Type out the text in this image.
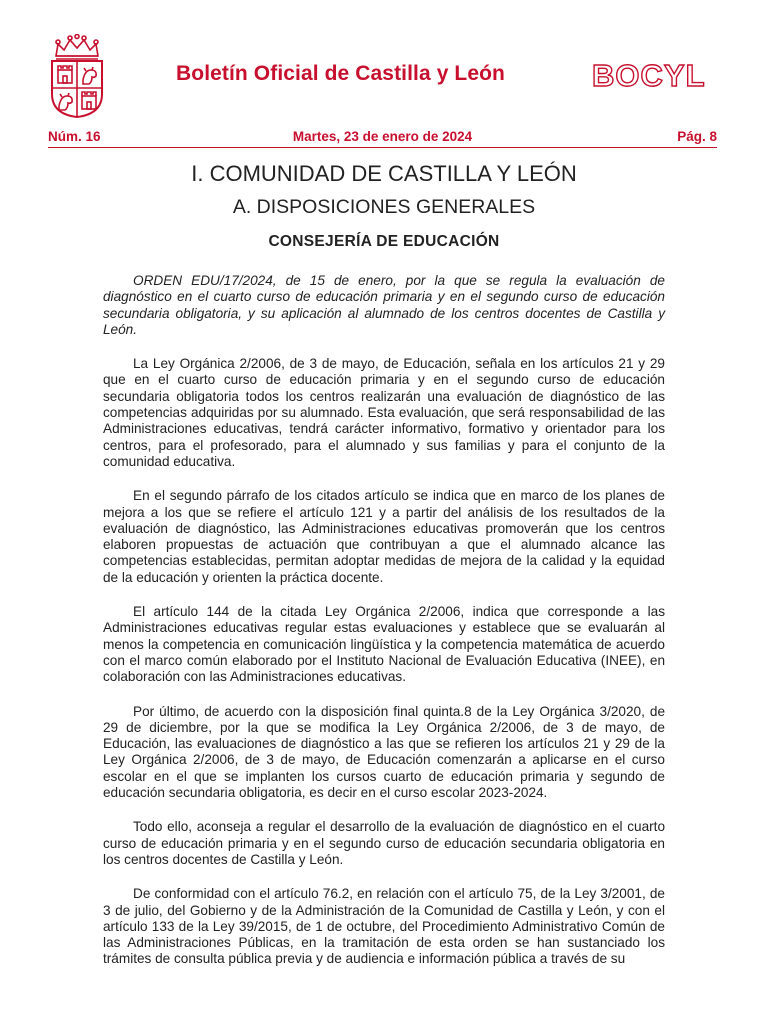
Boletín Oficial de Castilla y León	BOCYL
Martes, 23 de enero de 2024
Núm. 16	Pág. 8
I. COMUNIDAD DE CASTILLA Y LEÓN
A. DISPOSICIONES GENERALES
CONSEJERÍA DE EDUCACIÓN

ORDEN EDU/17/2024, de 15 de enero, por la que se regula la evaluación de diagnóstico en el cuarto curso de educación primaria y en el segundo curso de educación secundaria obligatoria, y su aplicación al alumnado de los centros docentes de Castilla y León.

La Ley Orgánica 2/2006, de 3 de mayo, de Educación, señala en los artículos 21 y 29 que en el cuarto curso de educación primaria y en el segundo curso de educación secundaria obligatoria todos los centros realizarán una evaluación de diagnóstico de las competencias adquiridas por su alumnado. Esta evaluación, que será responsabilidad de las Administraciones educativas, tendrá carácter informativo, formativo y orientador para los centros, para el profesorado, para el alumnado y sus familias y para el conjunto de la comunidad educativa.

En el segundo párrafo de los citados artículo se indica que en marco de los planes de mejora a los que se refiere el artículo 121 y a partir del análisis de los resultados de la evaluación de diagnóstico, las Administraciones educativas promoverán que los centros elaboren propuestas de actuación que contribuyan a que el alumnado alcance las competencias establecidas, permitan adoptar medidas de mejora de la calidad y la equidad de la educación y orienten la práctica docente.

El artículo 144 de la citada Ley Orgánica 2/2006, indica que corresponde a las Administraciones educativas regular estas evaluaciones y establece que se evaluarán al menos la competencia en comunicación lingüística y la competencia matemática de acuerdo con el marco común elaborado por el Instituto Nacional de Evaluación Educativa (INEE), en colaboración con las Administraciones educativas.

Por último, de acuerdo con la disposición final quinta.8 de la Ley Orgánica 3/2020, de 29 de diciembre, por la que se modifica la Ley Orgánica 2/2006, de 3 de mayo, de Educación, las evaluaciones de diagnóstico a las que se refieren los artículos 21 y 29 de la Ley Orgánica 2/2006, de 3 de mayo, de Educación comenzarán a aplicarse en el curso escolar en el que se implanten los cursos cuarto de educación primaria y segundo de educación secundaria obligatoria, es decir en el curso escolar 2023-2024.

Todo ello, aconseja a regular el desarrollo de la evaluación de diagnóstico en el cuarto curso de educación primaria y en el segundo curso de educación secundaria obligatoria en los centros docentes de Castilla y León.

De conformidad con el artículo 76.2, en relación con el artículo 75, de la Ley 3/2001, de 3 de julio, del Gobierno y de la Administración de la Comunidad de Castilla y León, y con el artículo 133 de la Ley 39/2015, de 1 de octubre, del Procedimiento Administrativo Común de las Administraciones Públicas, en la tramitación de esta orden se han sustanciado los trámites de consulta pública previa y de audiencia e información pública a través de su
